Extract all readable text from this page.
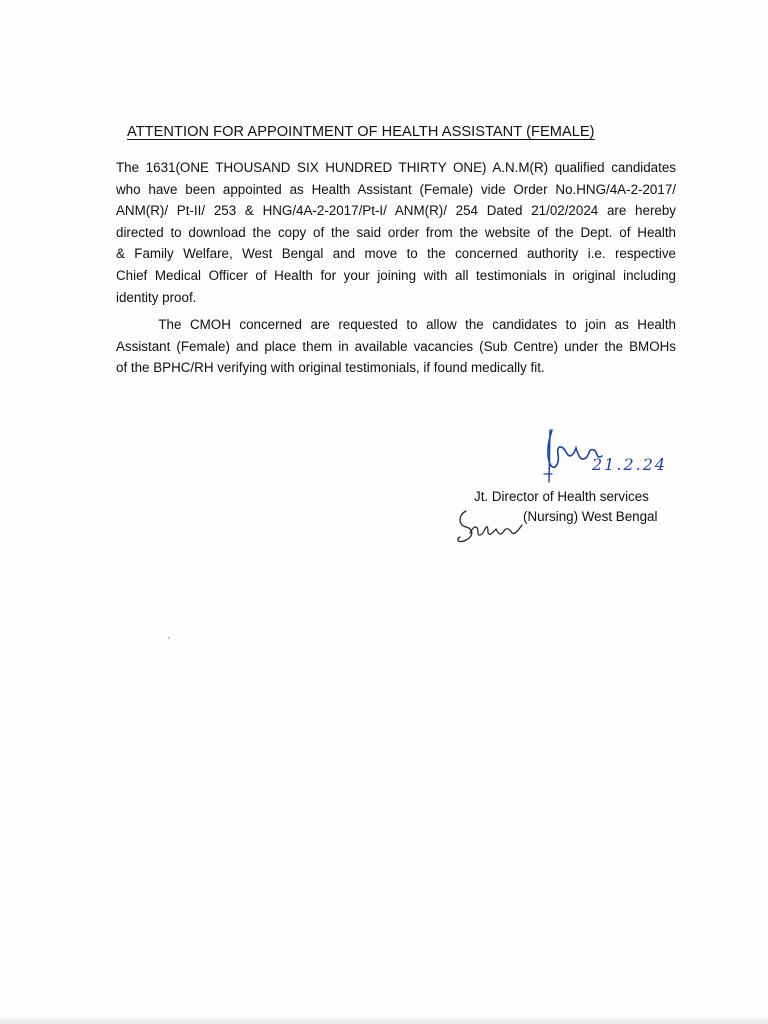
ATTENTION FOR APPOINTMENT OF HEALTH ASSISTANT (FEMALE)

The 1631(ONE THOUSAND SIX HUNDRED THIRTY ONE) A.N.M(R) qualified candidates
who have been appointed as Health Assistant (Female) vide Order No.HNG/4A-2-2017/
ANM(R)/ Pt-II/ 253 & HNG/4A-2-2017/Pt-I/ ANM(R)/ 254 Dated 21/02/2024 are hereby
directed to download the copy of the said order from the website of the Dept. of Health
& Family Welfare, West Bengal and move to the concerned authority i.e. respective
Chief Medical Officer of Health for your joining with all testimonials in original including
identity proof.

The CMOH concerned are requested to allow the candidates to join as Health
Assistant (Female) and place them in available vacancies (Sub Centre) under the BMOHs
of the BPHC/RH verifying with original testimonials, if found medically fit.

21.2.24
Jt. Director of Health services
(Nursing) West Bengal
